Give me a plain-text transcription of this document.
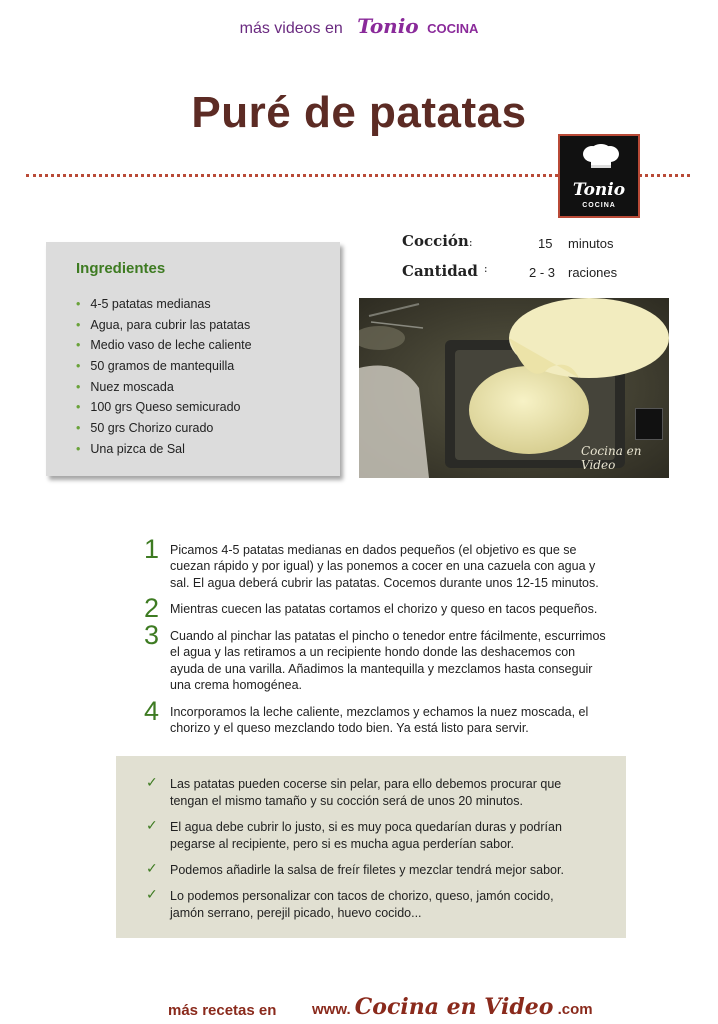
más videos en Tonio COCINA
Puré de patatas
Tonio
COCINA
Cocción:	15 minutos
Cantidad :	2 - 3 raciones
Ingredientes
• 4-5 patatas medianas
• Agua, para cubrir las patatas
• Medio vaso de leche caliente
• 50 gramos de mantequilla
• Nuez moscada
• 100 grs Queso semicurado
• 50 grs Chorizo curado
• Una pizca de Sal	Cocina en Video
1 Picamos 4-5 patatas medianas en dados pequeños (el objetivo es que se cuezan rápido y por igual) y las ponemos a cocer en una cazuela con agua y sal. El agua deberá cubrir las patatas. Cocemos durante unos 12-15 minutos.
2 Mientras cuecen las patatas cortamos el chorizo y queso en tacos pequeños.
3 Cuando al pinchar las patatas el pincho o tenedor entre fácilmente, escurrimos el agua y las retiramos a un recipiente hondo donde las deshacemos con ayuda de una varilla. Añadimos la mantequilla y mezclamos hasta conseguir una crema homogénea.
4 Incorporamos la leche caliente, mezclamos y echamos la nuez moscada, el chorizo y el queso mezclando todo bien. Ya está listo para servir.
✓ Las patatas pueden cocerse sin pelar, para ello debemos procurar que tengan el mismo tamaño y su cocción será de unos 20 minutos.
✓ El agua debe cubrir lo justo, si es muy poca quedarían duras y podrían pegarse al recipiente, pero si es mucha agua perderían sabor.
✓ Podemos añadirle la salsa de freír filetes y mezclar tendrá mejor sabor.
✓ Lo podemos personalizar con tacos de chorizo, queso, jamón cocido, jamón serrano, perejil picado, huevo cocido...
más recetas en www. Cocina en Video .com
